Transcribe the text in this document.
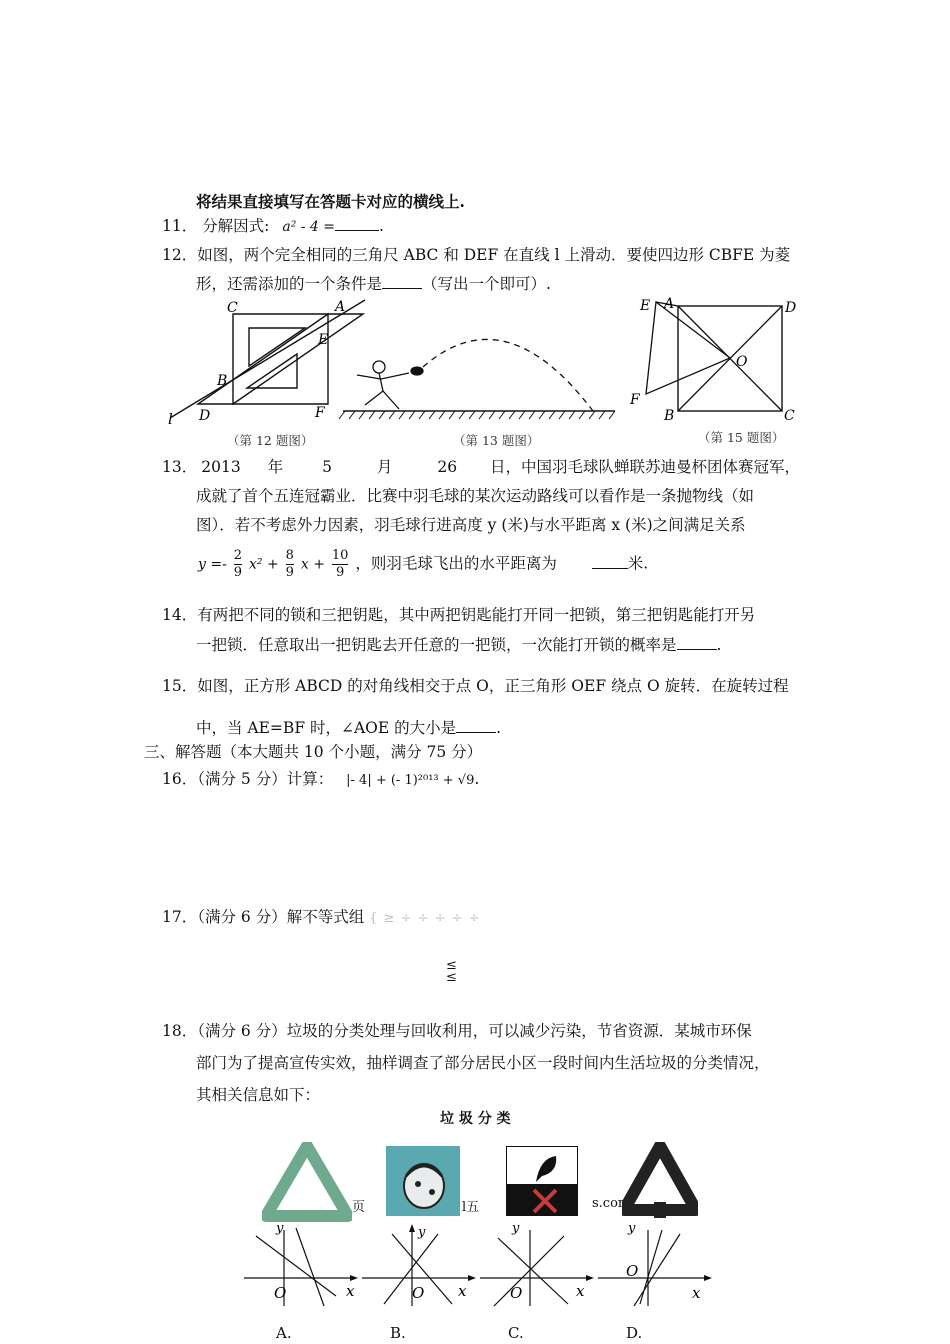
将结果直接填写在答题卡对应的横线上.
11． 分解因式: a² - 4 =	.
12．如图，两个完全相同的三角尺 ABC 和 DEF 在直线 l 上滑动．要使四边形 CBFE 为菱
形，还需添加的一个条件是	（写出一个即可）.
C	A
E
B
D	F
l
（第 12 题图）	（第 13 题图）
E A	D
O
F
B	C
（第 15 题图）
13． 2013 年	5	月	26 日，中国羽毛球队蝉联苏迪曼杯团体赛冠军，
成就了首个五连冠霸业．比赛中羽毛球的某次运动路线可以看作是一条抛物线（如
图）．若不考虑外力因素，羽毛球行进高度 y (米)与水平距离 x (米)之间满足关系
$y =- \frac{2}{9} x^2 + \frac{8}{9}$ $x + \frac{10}{9}$ ，则羽毛球飞出的水平距离为	米.
14．有两把不同的锁和三把钥匙，其中两把钥匙能打开同一把锁，第三把钥匙能打开另
一把锁．任意取出一把钥匙去开任意的一把锁，一次能打开锁的概率是	.
15．如图，正方形 ABCD 的对角线相交于点 O，正三角形 OEF 绕点 O 旋转．在旋转过程
中，当 AE=BF 时，∠AOE 的大小是	.
三、解答题（本大题共 10 个小题，满分 75 分）
16．（满分 5 分）计算： |- 4| + (- 1)²⁰¹³ + √9.
17．（满分 6 分）解不等式组 { ≥ ÷ ÷ ÷ ÷ ÷
≤
≤
18．（满分 6 分）垃圾的分类处理与回收利用，可以减少污染，节省资源．某城市环保
部门为了提高宣传实效，抽样调查了部分居民小区一段时间内生活垃圾的分类情况，
其相关信息如下：
垃 圾 分 类
页	l五	s.con
x
y
O	x
y
O	x
y
O	x
y
O
A.	B.	C.	D.
